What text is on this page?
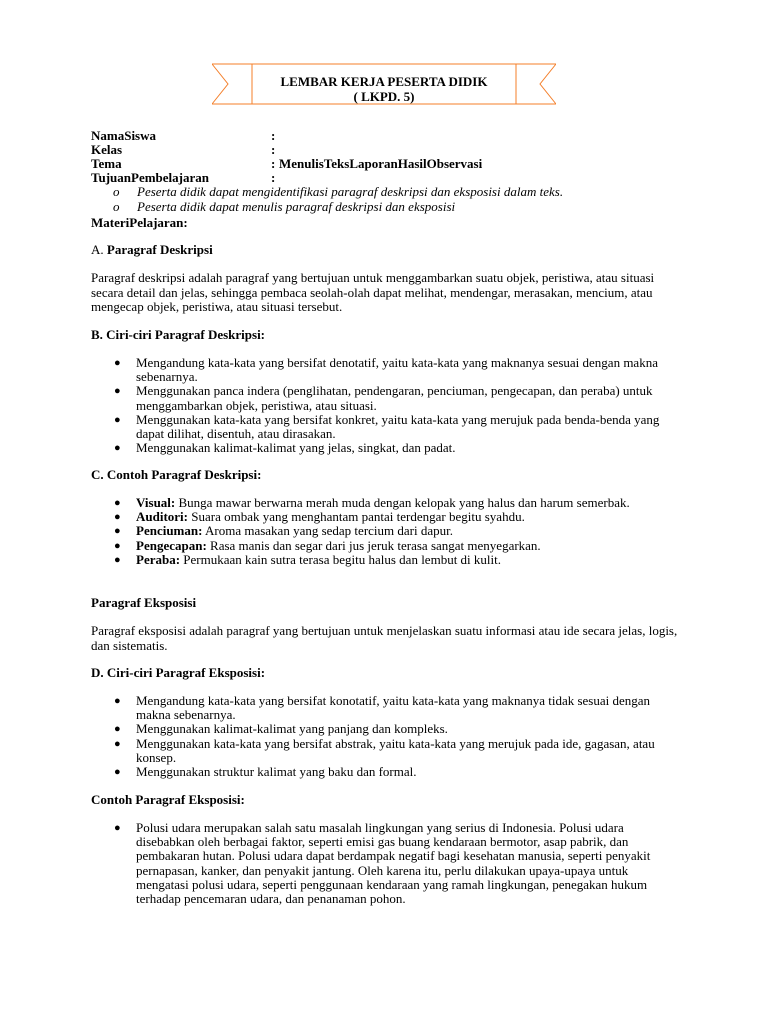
LEMBAR KERJA PESERTA DIDIK
( LKPD. 5)
NamaSiswa	:
Kelas	:
Tema	: MenulisTeksLaporanHasilObservasi
TujuanPembelajaran	:
o Peserta didik dapat mengidentifikasi paragraf deskripsi dan eksposisi dalam teks.
o Peserta didik dapat menulis paragraf deskripsi dan eksposisi
MateriPelajaran:
A. Paragraf Deskripsi

Paragraf deskripsi adalah paragraf yang bertujuan untuk menggambarkan suatu objek, peristiwa, atau situasi secara detail dan jelas, sehingga pembaca seolah-olah dapat melihat, mendengar, merasakan, mencium, atau mengecap objek, peristiwa, atau situasi tersebut.

B. Ciri-ciri Paragraf Deskripsi:
● Mengandung kata-kata yang bersifat denotatif, yaitu kata-kata yang maknanya sesuai dengan makna sebenarnya.
● Menggunakan panca indera (penglihatan, pendengaran, penciuman, pengecapan, dan peraba) untuk menggambarkan objek, peristiwa, atau situasi.
● Menggunakan kata-kata yang bersifat konkret, yaitu kata-kata yang merujuk pada benda-benda yang dapat dilihat, disentuh, atau dirasakan.
● Menggunakan kalimat-kalimat yang jelas, singkat, dan padat.
C. Contoh Paragraf Deskripsi:
● Visual: Bunga mawar berwarna merah muda dengan kelopak yang halus dan harum semerbak.
● Auditori: Suara ombak yang menghantam pantai terdengar begitu syahdu.
● Penciuman: Aroma masakan yang sedap tercium dari dapur.
● Pengecapan: Rasa manis dan segar dari jus jeruk terasa sangat menyegarkan.
● Peraba: Permukaan kain sutra terasa begitu halus dan lembut di kulit.
Paragraf Eksposisi

Paragraf eksposisi adalah paragraf yang bertujuan untuk menjelaskan suatu informasi atau ide secara jelas, logis, dan sistematis.

D. Ciri-ciri Paragraf Eksposisi:
● Mengandung kata-kata yang bersifat konotatif, yaitu kata-kata yang maknanya tidak sesuai dengan makna sebenarnya.
● Menggunakan kalimat-kalimat yang panjang dan kompleks.
● Menggunakan kata-kata yang bersifat abstrak, yaitu kata-kata yang merujuk pada ide, gagasan, atau konsep.
● Menggunakan struktur kalimat yang baku dan formal.
Contoh Paragraf Eksposisi:
● Polusi udara merupakan salah satu masalah lingkungan yang serius di Indonesia. Polusi udara disebabkan oleh berbagai faktor, seperti emisi gas buang kendaraan bermotor, asap pabrik, dan pembakaran hutan. Polusi udara dapat berdampak negatif bagi kesehatan manusia, seperti penyakit pernapasan, kanker, dan penyakit jantung. Oleh karena itu, perlu dilakukan upaya-upaya untuk mengatasi polusi udara, seperti penggunaan kendaraan yang ramah lingkungan, penegakan hukum terhadap pencemaran udara, dan penanaman pohon.
